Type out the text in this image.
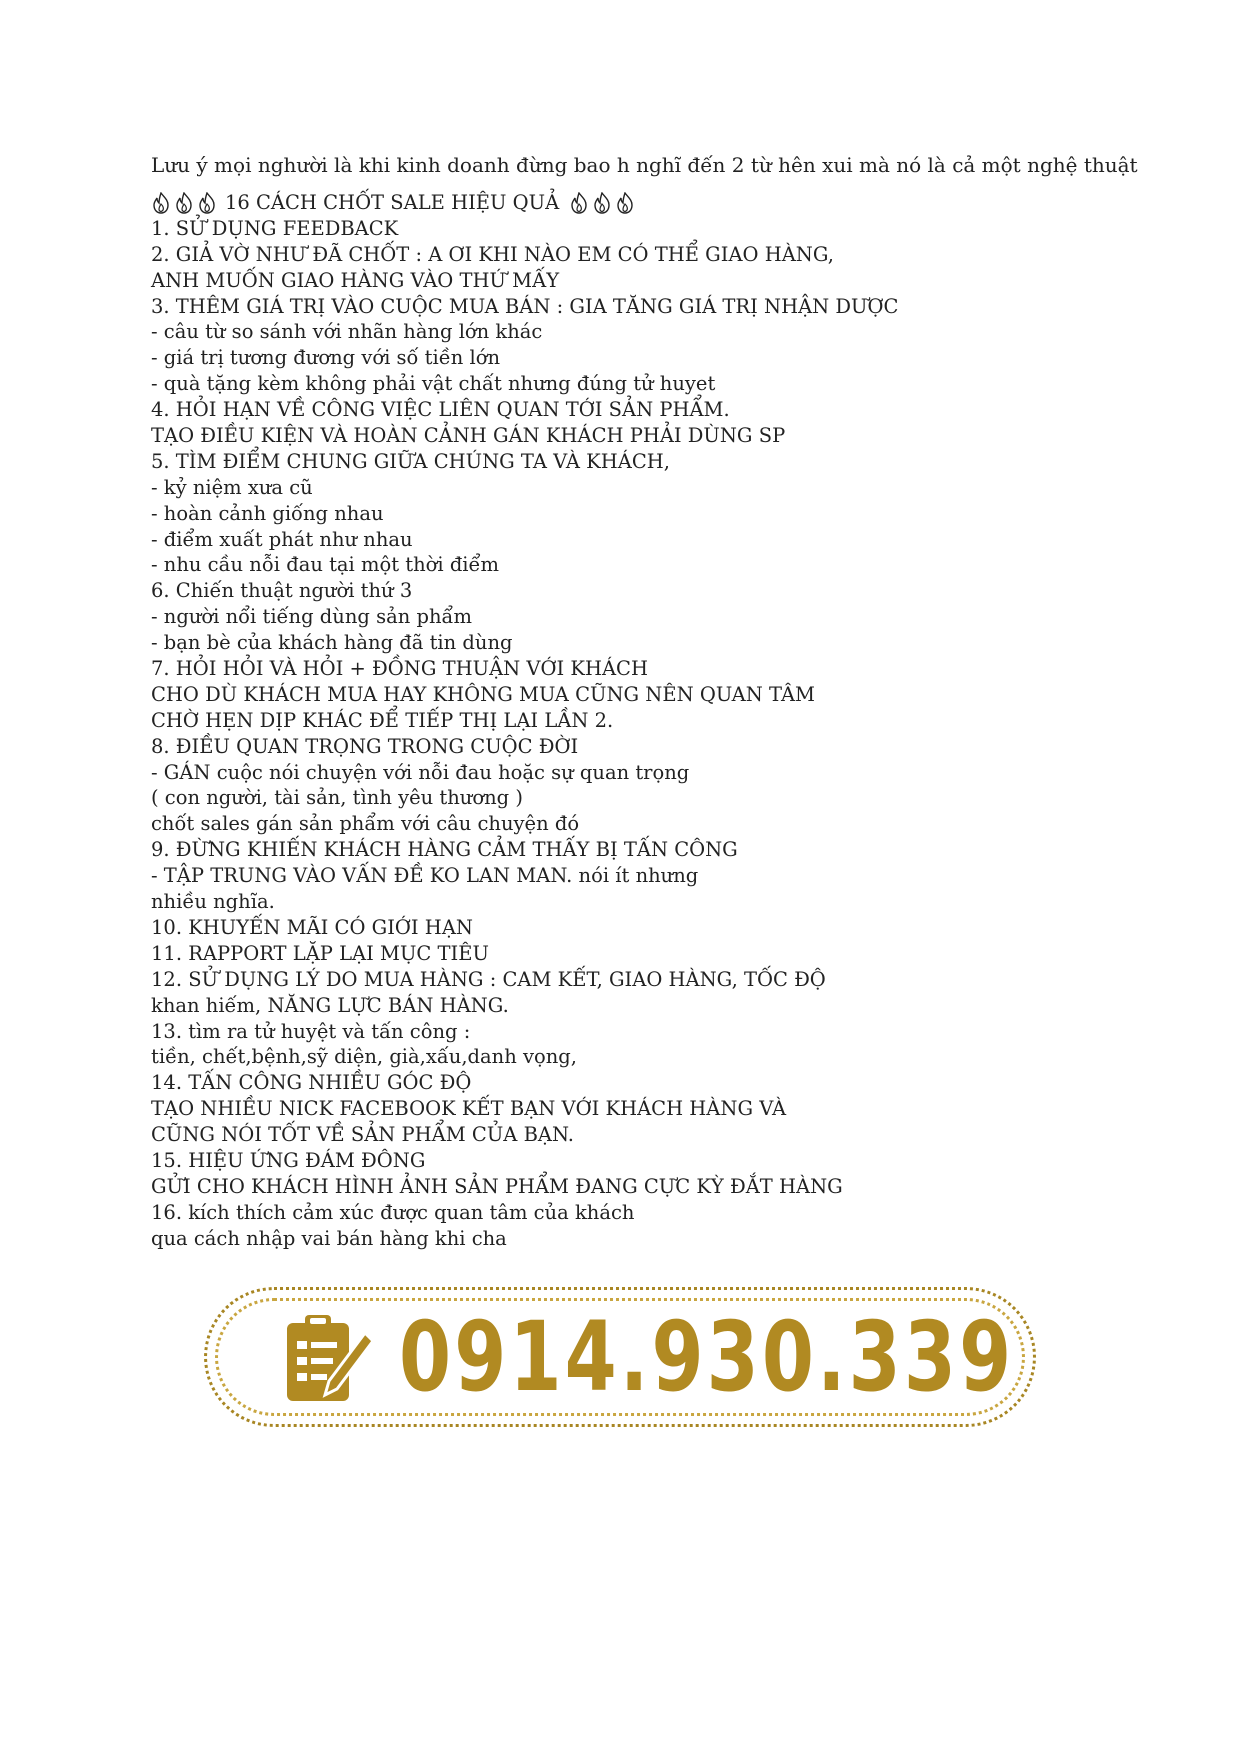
Lưu ý mọi nghười là khi kinh doanh đừng bao h nghĩ đến 2 từ hên xui mà nó là cả một nghệ thuật
16 CÁCH CHỐT SALE HIỆU QUẢ
1. SỬ DỤNG FEEDBACK
2. GIẢ VỜ NHƯ ĐÃ CHỐT : A ƠI KHI NÀO EM CÓ THỂ GIAO HÀNG,
ANH MUỐN GIAO HÀNG VÀO THỨ MẤY
3. THÊM GIÁ TRỊ VÀO CUỘC MUA BÁN : GIA TĂNG GIÁ TRỊ NHẬN DƯỢC
- câu từ so sánh với nhãn hàng lớn khác
- giá trị tương đương với số tiền lớn
- quà tặng kèm không phải vật chất nhưng đúng tử huyet
4. HỎI HẠN VỀ CÔNG VIỆC LIÊN QUAN TỚI SẢN PHẨM.
TẠO ĐIỀU KIỆN VÀ HOÀN CẢNH GÁN KHÁCH PHẢI DÙNG SP
5. TÌM ĐIỂM CHUNG GIỮA CHÚNG TA VÀ KHÁCH,
- kỷ niệm xưa cũ
- hoàn cảnh giống nhau
- điểm xuất phát như nhau
- nhu cầu nỗi đau tại một thời điểm
6. Chiến thuật người thứ 3
- người nổi tiếng dùng sản phẩm
- bạn bè của khách hàng đã tin dùng
7. HỎI HỎI VÀ HỎI + ĐỒNG THUẬN VỚI KHÁCH
CHO DÙ KHÁCH MUA HAY KHÔNG MUA CŨNG NÊN QUAN TÂM
CHỜ HẸN DỊP KHÁC ĐỂ TIẾP THỊ LẠI LẦN 2.
8. ĐIỀU QUAN TRỌNG TRONG CUỘC ĐỜI
- GÁN cuộc nói chuyện với nỗi đau hoặc sự quan trọng
( con người, tài sản, tình yêu thương )
chốt sales gán sản phẩm với câu chuyện đó
9. ĐỪNG KHIẾN KHÁCH HÀNG CẢM THẤY BỊ TẤN CÔNG
- TẬP TRUNG VÀO VẤN ĐỀ KO LAN MAN. nói ít nhưng
nhiều nghĩa.
10. KHUYẾN MÃI CÓ GIỚI HẠN
11. RAPPORT LẶP LẠI MỤC TIÊU
12. SỬ DỤNG LÝ DO MUA HÀNG : CAM KẾT, GIAO HÀNG, TỐC ĐỘ
khan hiếm, NĂNG LỰC BÁN HÀNG.
13. tìm ra tử huyệt và tấn công :
tiền, chết,bệnh,sỹ diện, già,xấu,danh vọng,
14. TẤN CÔNG NHIỀU GÓC ĐỘ
TẠO NHIỀU NICK FACEBOOK KẾT BẠN VỚI KHÁCH HÀNG VÀ
CŨNG NÓI TỐT VỀ SẢN PHẨM CỦA BẠN.
15. HIỆU ỨNG ĐÁM ĐÔNG
GỬI CHO KHÁCH HÌNH ẢNH SẢN PHẨM ĐANG CỰC KỲ ĐẮT HÀNG
16. kích thích cảm xúc được quan tâm của khách
qua cách nhập vai bán hàng khi cha
0914.930.339
